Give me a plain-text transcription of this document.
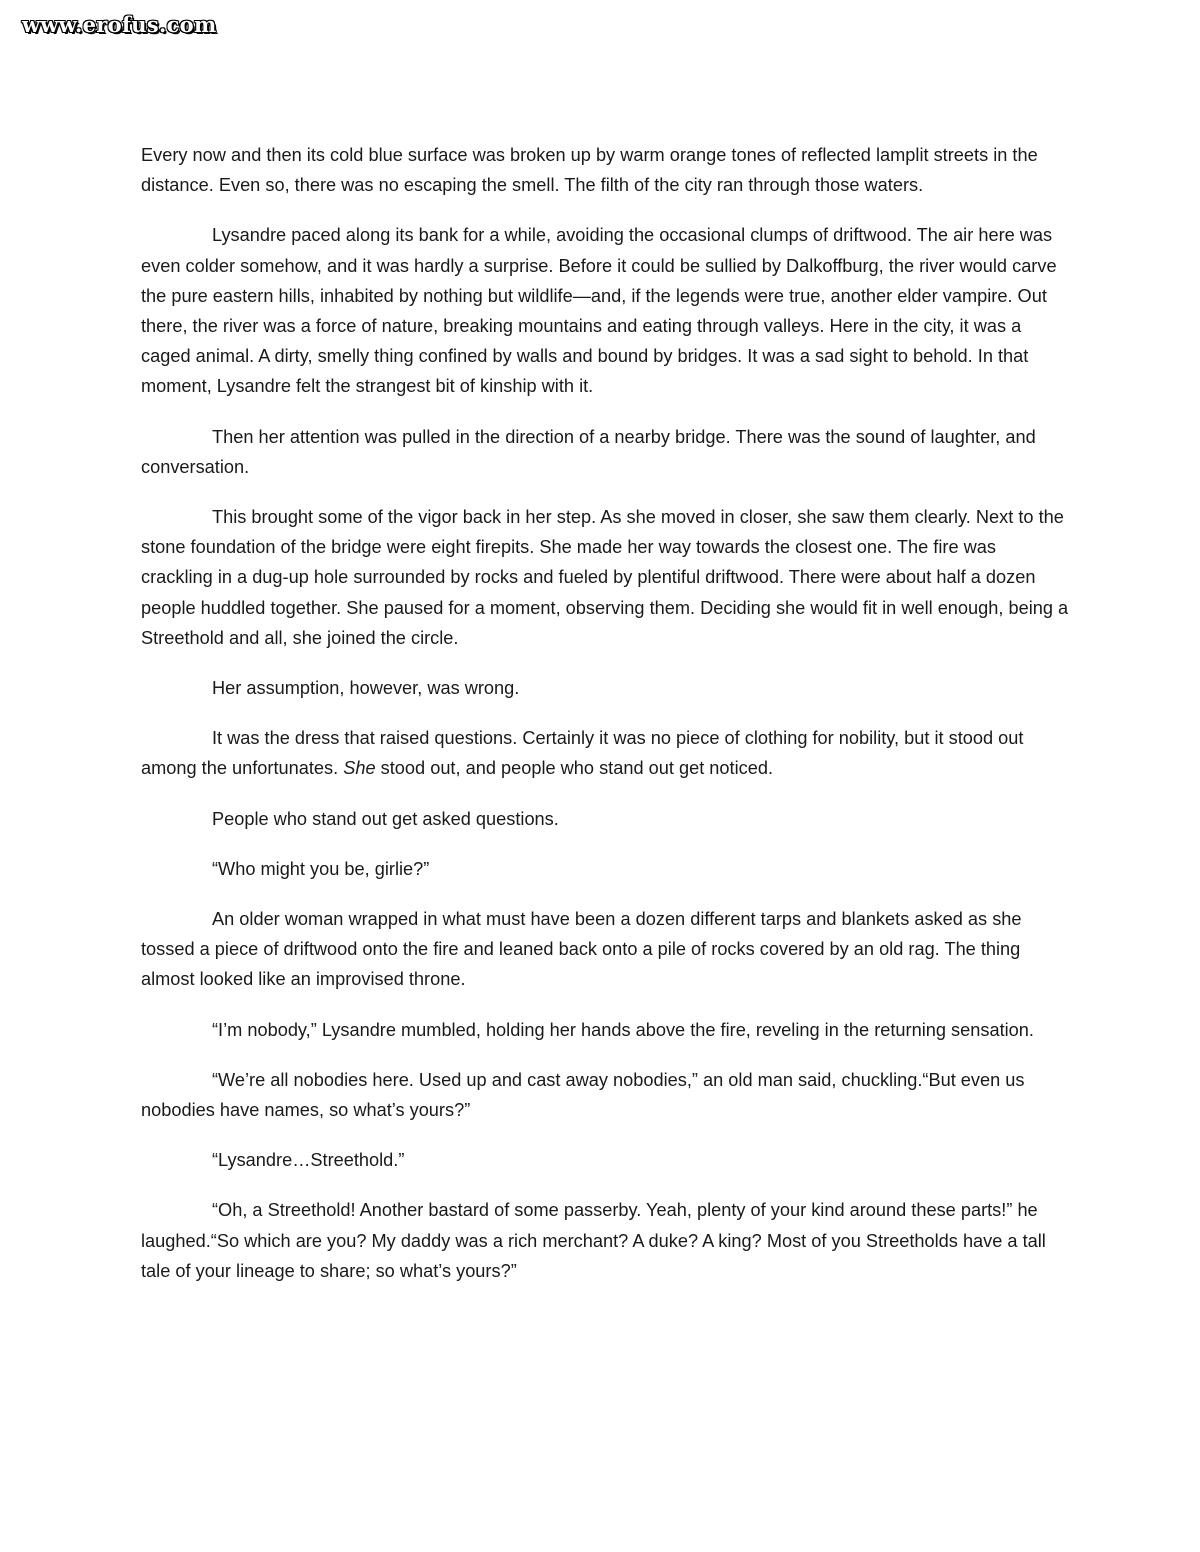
www.erofus.com

Every now and then its cold blue surface was broken up by warm orange tones of reflected lamplit streets in the distance. Even so, there was no escaping the smell. The filth of the city ran through those waters.

Lysandre paced along its bank for a while, avoiding the occasional clumps of driftwood. The air here was even colder somehow, and it was hardly a surprise. Before it could be sullied by Dalkoffburg, the river would carve the pure eastern hills, inhabited by nothing but wildlife—and, if the legends were true, another elder vampire. Out there, the river was a force of nature, breaking mountains and eating through valleys. Here in the city, it was a caged animal. A dirty, smelly thing confined by walls and bound by bridges. It was a sad sight to behold. In that moment, Lysandre felt the strangest bit of kinship with it.

Then her attention was pulled in the direction of a nearby bridge. There was the sound of laughter, and conversation.

This brought some of the vigor back in her step. As she moved in closer, she saw them clearly. Next to the stone foundation of the bridge were eight firepits. She made her way towards the closest one. The fire was crackling in a dug-up hole surrounded by rocks and fueled by plentiful driftwood. There were about half a dozen people huddled together. She paused for a moment, observing them. Deciding she would fit in well enough, being a Streethold and all, she joined the circle.

Her assumption, however, was wrong.

It was the dress that raised questions. Certainly it was no piece of clothing for nobility, but it stood out among the unfortunates. She stood out, and people who stand out get noticed.

People who stand out get asked questions.

“Who might you be, girlie?”

An older woman wrapped in what must have been a dozen different tarps and blankets asked as she tossed a piece of driftwood onto the fire and leaned back onto a pile of rocks covered by an old rag. The thing almost looked like an improvised throne.

“I’m nobody,” Lysandre mumbled, holding her hands above the fire, reveling in the returning sensation.

“We’re all nobodies here. Used up and cast away nobodies,” an old man said, chuckling.“But even us nobodies have names, so what’s yours?”

“Lysandre…Streethold.”

“Oh, a Streethold! Another bastard of some passerby. Yeah, plenty of your kind around these parts!” he laughed.“So which are you? My daddy was a rich merchant? A duke? A king? Most of you Streetholds have a tall tale of your lineage to share; so what’s yours?”
